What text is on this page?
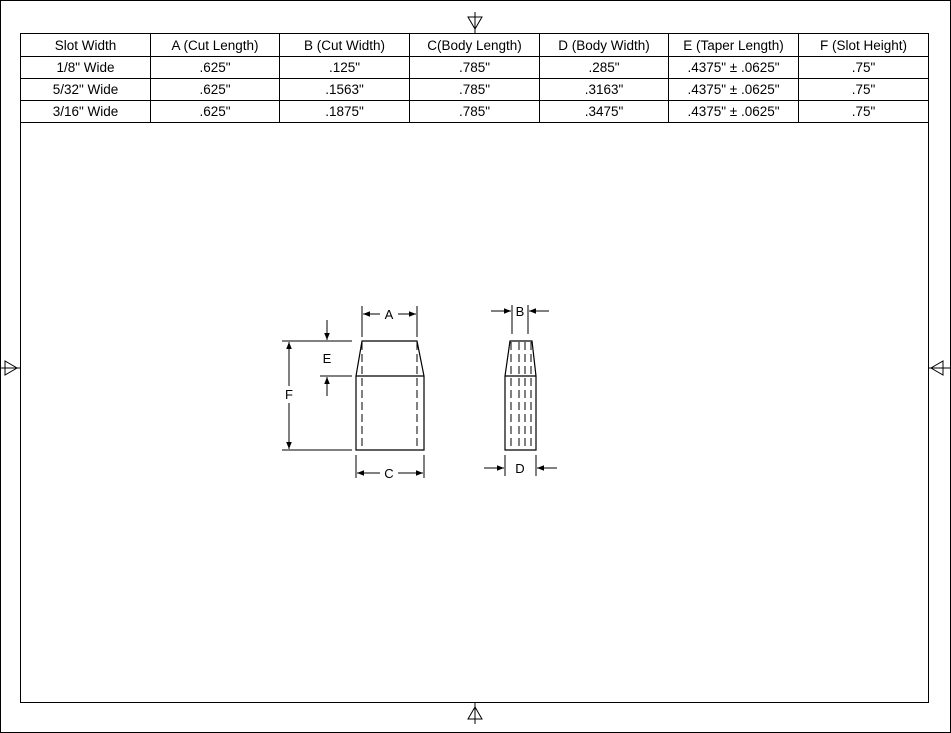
Slot Width	A (Cut Length)	B (Cut Width)	C(Body Length)	D (Body Width)	E (Taper Length)	F (Slot Height)
1/8" Wide	.625"	.125"	.785"	.285"	.4375" ± .0625"	.75"
5/32" Wide	.625"	.1563"	.785"	.3163"	.4375" ± .0625"	.75"
3/16" Wide	.625"	.1875"	.785"	.3475"	.4375" ± .0625"	.75"
A
F
E
C
B
D
